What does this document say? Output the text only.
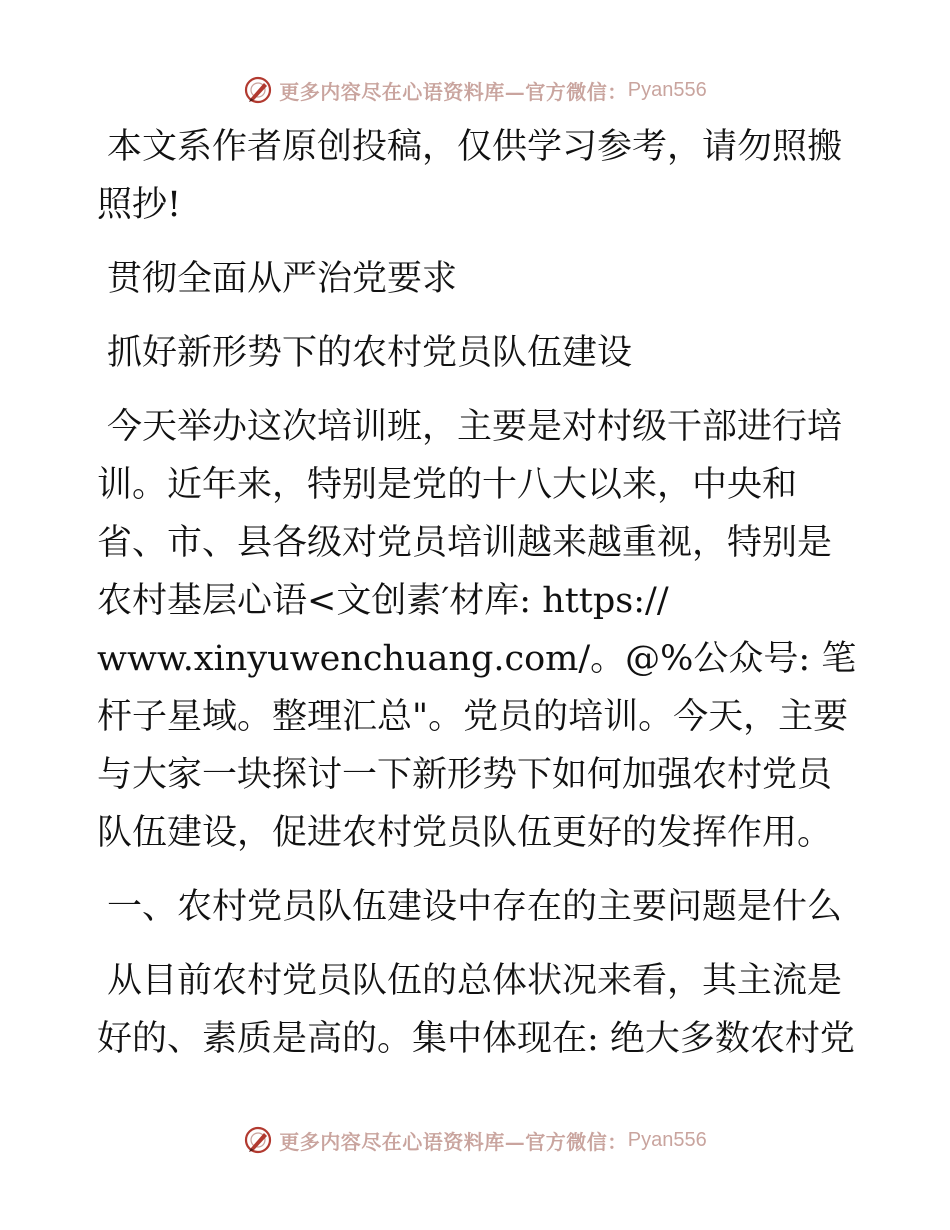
更多内容尽在心语资料库—官方微信： Pyan556

本文系作者原创投稿，仅供学习参考，请勿照搬照抄!

贯彻全面从严治党要求

抓好新形势下的农村党员队伍建设

今天举办这次培训班，主要是对村级干部进行培训。近年来，特别是党的十八大以来，中央和省、市、县各级对党员培训越来越重视，特别是农村基层心语<文创素′材库: https://

www.xinyuwenchuang.com/。@%公众号: 笔杆子星域。整理汇总"。党员的培训。今天，主要与大家一块探讨一下新形势下如何加强农村党员队伍建设，促进农村党员队伍更好的发挥作用。

一、农村党员队伍建设中存在的主要问题是什么

从目前农村党员队伍的总体状况来看，其主流是好的、素质是高的。集中体现在: 绝大多数农村党

更多内容尽在心语资料库—官方微信： Pyan556
